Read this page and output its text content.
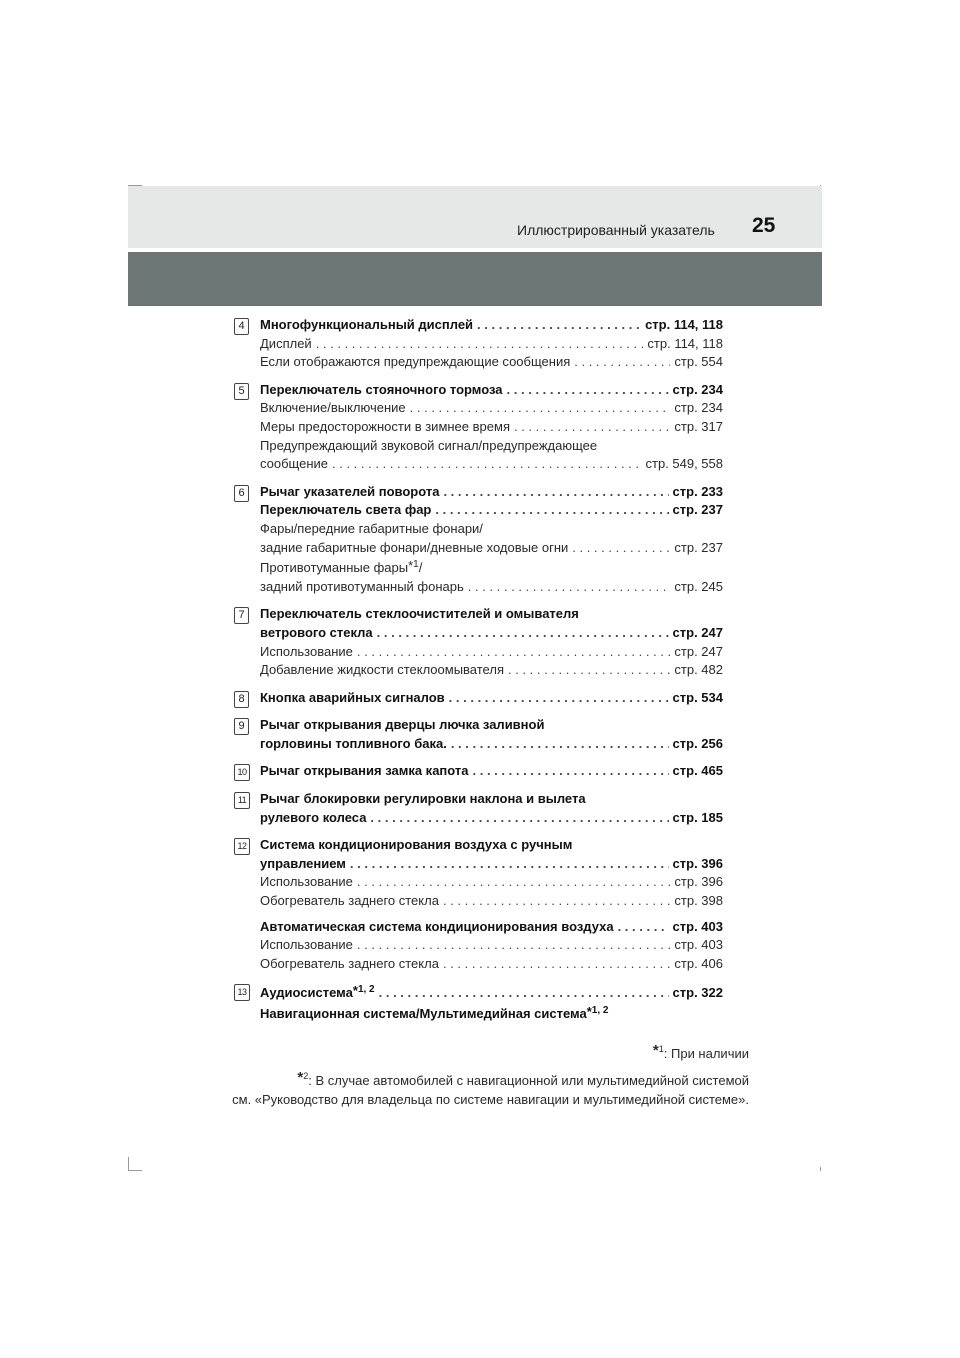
Иллюстрированный указатель 25
4	Многофункциональный дисплей . . .	стр. 114, 118
Дисплей . . .	стр. 114, 118
Если отображаются предупреждающие сообщения . . .	стр. 554
5	Переключатель стояночного тормоза . . .	стр. 234
Включение/выключение . . .	стр. 234
Меры предосторожности в зимнее время . . .	стр. 317
Предупреждающий звуковой сигнал/предупреждающее
сообщение . . .	стр. 549, 558
6	Рычаг указателей поворота . . .	стр. 233
Переключатель света фар . . .	стр. 237
Фары/передние габаритные фонари/
задние габаритные фонари/дневные ходовые огни . . .	стр. 237
Противотуманные фары*$^1$/
задний противотуманный фонарь . . .	стр. 245
7	Переключатель стеклоочистителей и омывателя
ветрового стекла . . .	стр. 247
Использование . . .	стр. 247
Добавление жидкости стеклоомывателя . . .	стр. 482
8	Кнопка аварийных сигналов . . .	стр. 534
9	Рычаг открывания дверцы лючка заливной
горловины топливного бака. . . .	стр. 256
10 Рычаг открывания замка капота . . .	стр. 465
11 Рычаг блокировки регулировки наклона и вылета
рулевого колеса . . .	стр. 185
12 Система кондиционирования воздуха с ручным
управлением . . .	стр. 396
Использование . . .	стр. 396
Обогреватель заднего стекла . . .	стр. 398
Автоматическая система кондиционирования воздуха . . .	стр. 403
Использование . . .	стр. 403
Обогреватель заднего стекла . . .	стр. 406
13 Аудиосистема*$^{1, 2}$ . . .	стр. 322
Навигационная система/Мультимедийная система*$^{1, 2}$

*$^1$: При наличии

*$^2$: В случае автомобилей с навигационной или мультимедийной системой

см. «Руководство для владельца по системе навигации и мультимедийной системе».
